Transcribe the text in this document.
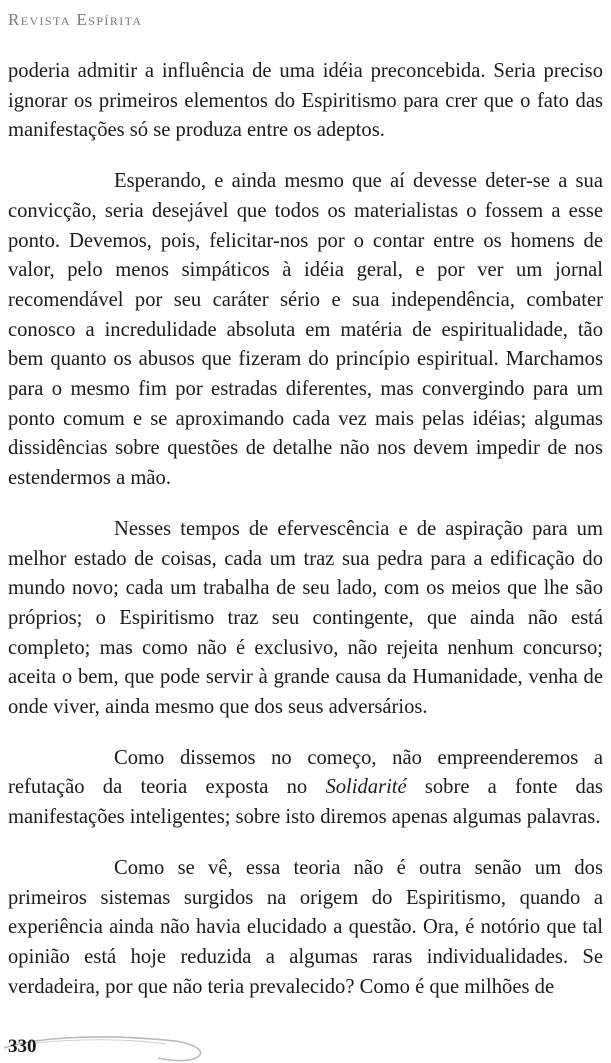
Revista Espírita

poderia admitir a influência de uma idéia preconcebida. Seria preciso ignorar os primeiros elementos do Espiritismo para crer que o fato das manifestações só se produza entre os adeptos.

Esperando, e ainda mesmo que aí devesse deter-se a sua convicção, seria desejável que todos os materialistas o fossem a esse ponto. Devemos, pois, felicitar-nos por o contar entre os homens de valor, pelo menos simpáticos à idéia geral, e por ver um jornal recomendável por seu caráter sério e sua independência, combater conosco a incredulidade absoluta em matéria de espiritualidade, tão bem quanto os abusos que fizeram do princípio espiritual. Marchamos para o mesmo fim por estradas diferentes, mas convergindo para um ponto comum e se aproximando cada vez mais pelas idéias; algumas dissidências sobre questões de detalhe não nos devem impedir de nos estendermos a mão.

Nesses tempos de efervescência e de aspiração para um melhor estado de coisas, cada um traz sua pedra para a edificação do mundo novo; cada um trabalha de seu lado, com os meios que lhe são próprios; o Espiritismo traz seu contingente, que ainda não está completo; mas como não é exclusivo, não rejeita nenhum concurso; aceita o bem, que pode servir à grande causa da Humanidade, venha de onde viver, ainda mesmo que dos seus adversários.

Como dissemos no começo, não empreenderemos a refutação da teoria exposta no Solidarité sobre a fonte das manifestações inteligentes; sobre isto diremos apenas algumas palavras.

Como se vê, essa teoria não é outra senão um dos primeiros sistemas surgidos na origem do Espiritismo, quando a experiência ainda não havia elucidado a questão. Ora, é notório que tal opinião está hoje reduzida a algumas raras individualidades. Se verdadeira, por que não teria prevalecido? Como é que milhões de

330
